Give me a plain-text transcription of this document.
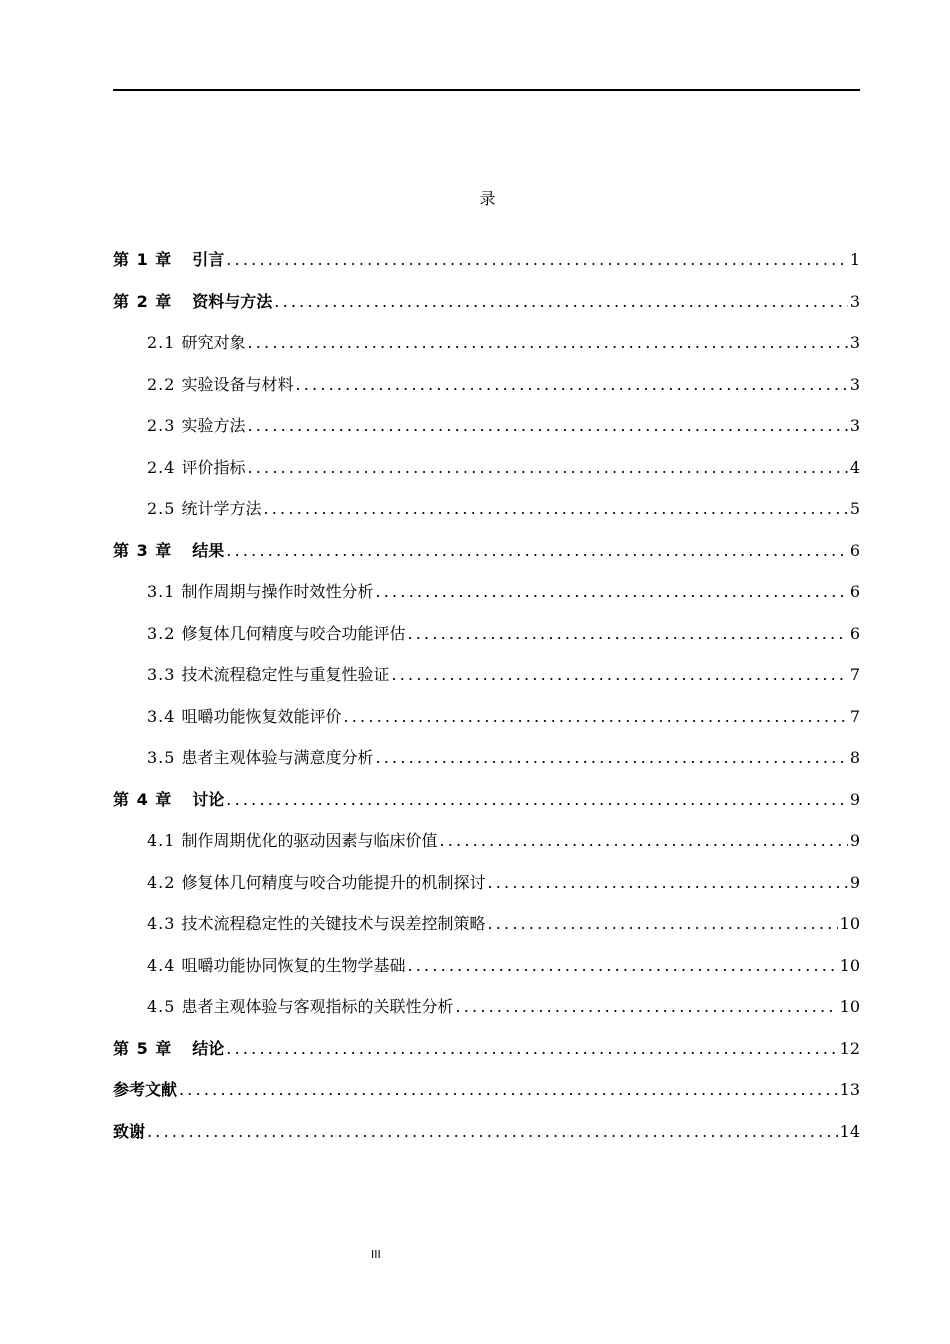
录
第 1 章 引言 .....	1
第 2 章 资料与方法 .....	3
2.1 研究对象 .....	3
2.2 实验设备与材料 .....	3
2.3 实验方法 .....	3
2.4 评价指标 .....	4
2.5 统计学方法 .....	5
第 3 章 结果 .....	6
3.1 制作周期与操作时效性分析 .....	6
3.2 修复体几何精度与咬合功能评估 .....	6
3.3 技术流程稳定性与重复性验证 .....	7
3.4 咀嚼功能恢复效能评价 .....	7
3.5 患者主观体验与满意度分析 .....	8
第 4 章 讨论 .....	9
4.1 制作周期优化的驱动因素与临床价值 .....	9
4.2 修复体几何精度与咬合功能提升的机制探讨 .....	9
4.3 技术流程稳定性的关键技术与误差控制策略 .....	10
4.4 咀嚼功能协同恢复的生物学基础 .....	10
4.5 患者主观体验与客观指标的关联性分析 .....	10
第 5 章 结论 .....	12
参考文献 .....	13
致谢 .....	14
III
